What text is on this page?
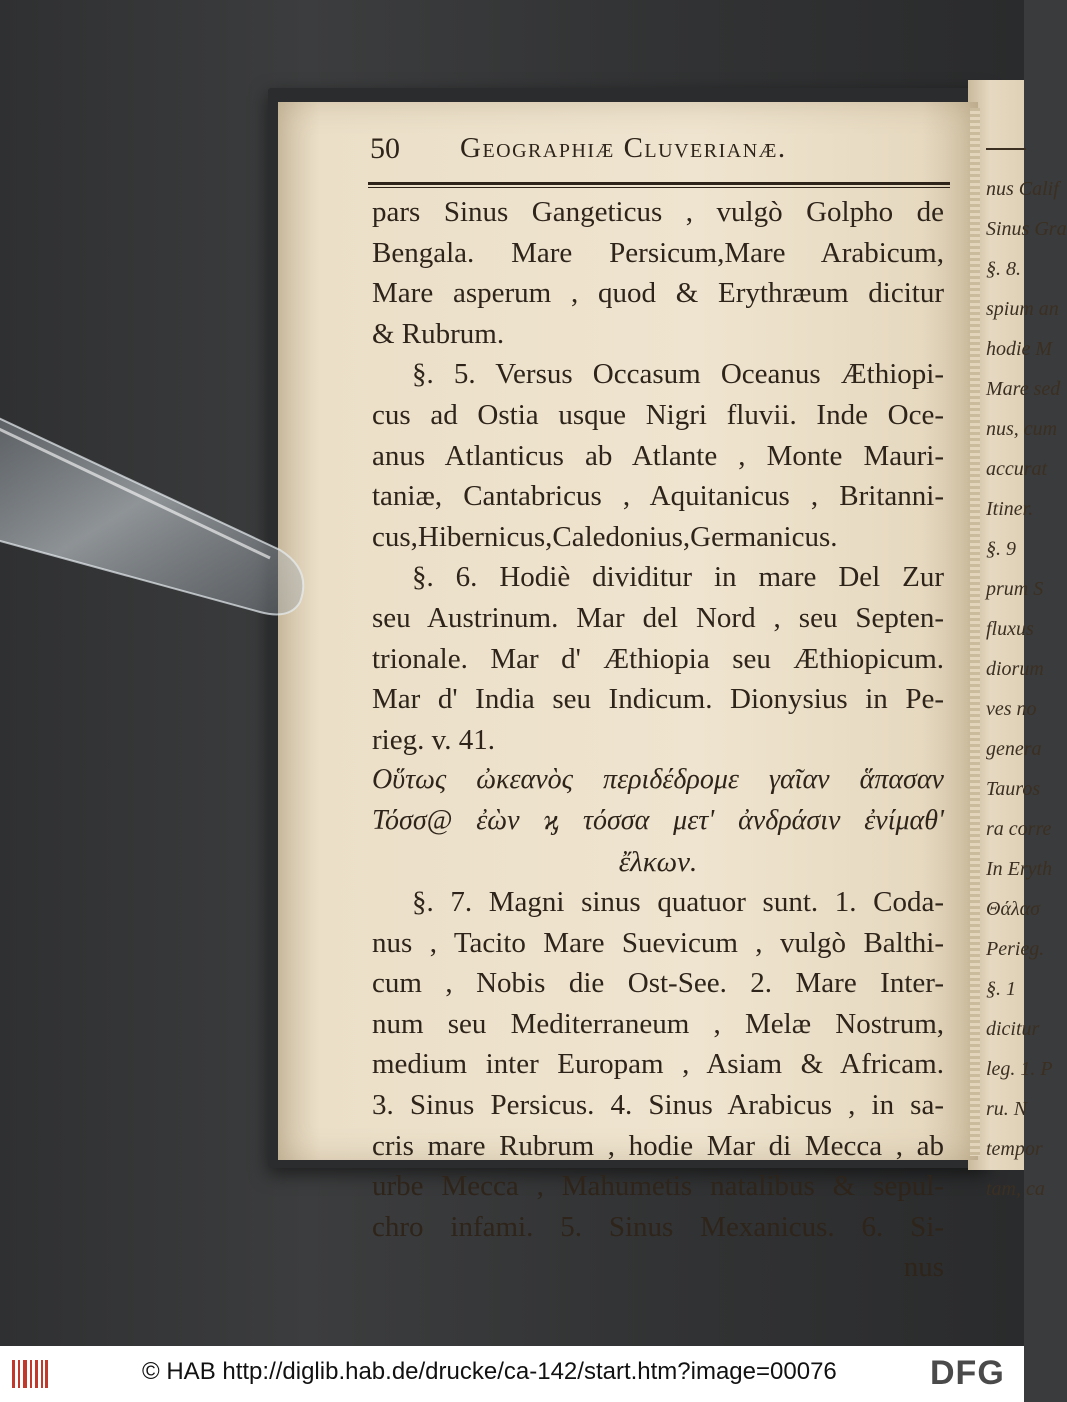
nus Calif
Sinus Gra
§. 8.
spium an
hodie M
Mare sed
nus, cum
accurat
Itiner.
§. 9
prum S
fluxus
diorum
ves no
genera
Tauros
ra corre
In Eryth
Θάλασ
Perieg.
§. 1
dicitur
leg. 1. P
ru. N
tempor
tam, ca
50 Geographiæ Cluverianæ.
pars Sinus Gangeticus , vulgò Golpho de
Bengala. Mare Persicum,Mare Arabicum,
Mare asperum , quod & Erythræum dicitur
& Rubrum.
§. 5. Versus Occasum Oceanus Æthiopi-
cus ad Ostia usque Nigri fluvii. Inde Oce-
anus Atlanticus ab Atlante , Monte Mauri-
taniæ, Cantabricus , Aquitanicus , Britanni-
cus,Hibernicus,Caledonius,Germanicus.
§. 6. Hodiè dividitur in mare Del Zur
seu Austrinum. Mar del Nord , seu Septen-
trionale. Mar d' Æthiopia seu Æthiopicum.
Mar d' India seu Indicum. Dionysius in Pe-
rieg. v. 41.
Οὕτως ὠκεανὸς περιδέδρομε γαῖαν ἅπασαν
Τόσσ@ ἐὼν ϗ τόσσα μετ' ἀνδράσιν ἐνίμαθ'
ἔλκων.
§. 7. Magni sinus quatuor sunt. 1. Coda-
nus , Tacito Mare Suevicum , vulgò Balthi-
cum , Nobis die Ost-See. 2. Mare Inter-
num seu Mediterraneum , Melæ Nostrum,
medium inter Europam , Asiam & Africam.
3. Sinus Persicus. 4. Sinus Arabicus , in sa-
cris mare Rubrum , hodie Mar di Mecca , ab
urbe Mecca , Mahumetis natalibus & sepul-
chro infami. 5. Sinus Mexanicus. 6. Si-
nus
© HAB http://diglib.hab.de/drucke/ca-142/start.htm?image=00076	DFG
